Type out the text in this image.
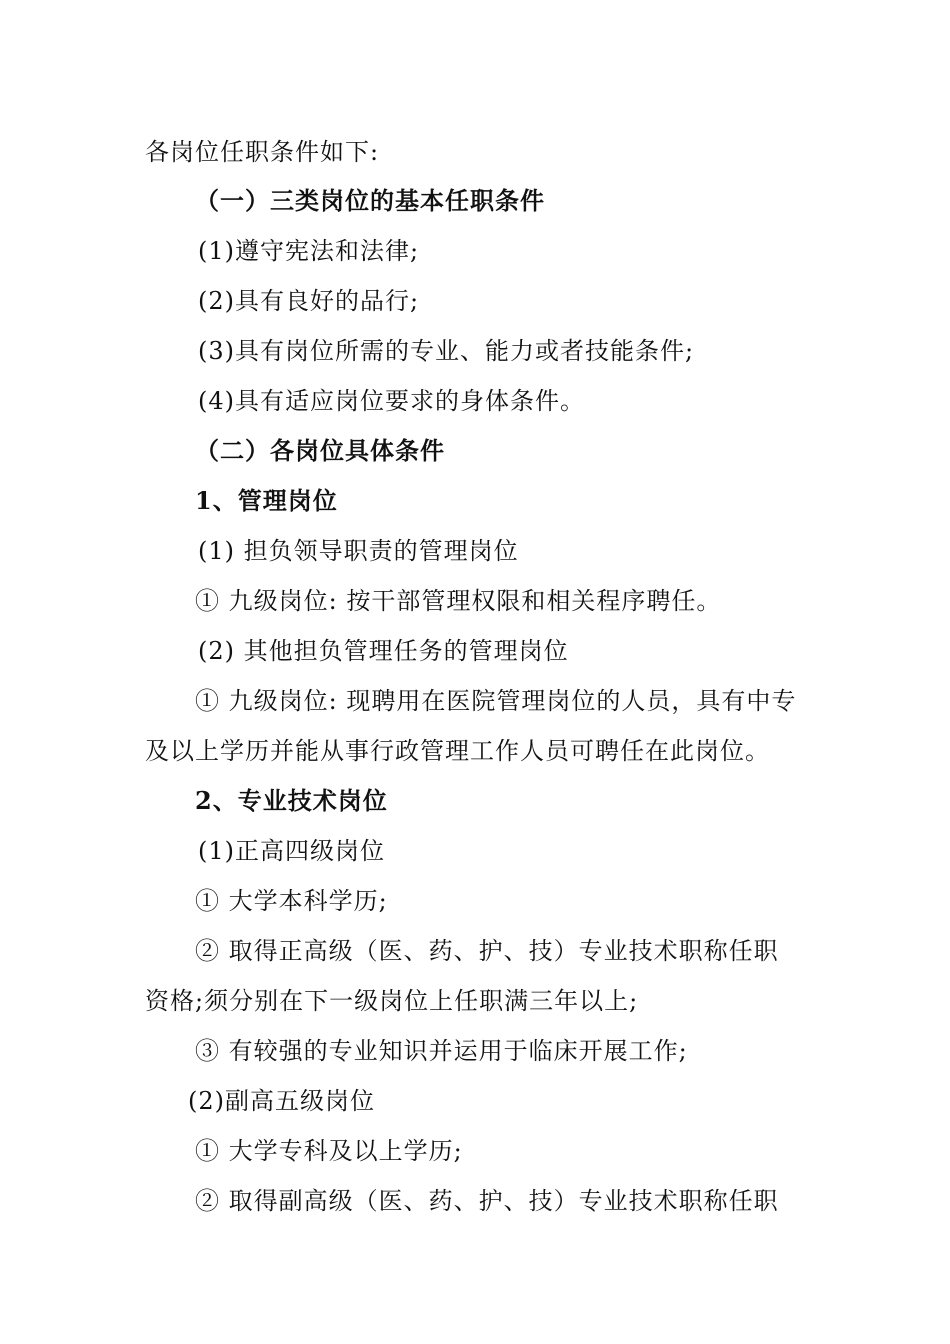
各岗位任职条件如下:
（一）三类岗位的基本任职条件
(1)遵守宪法和法律;
(2)具有良好的品行;
(3)具有岗位所需的专业、能力或者技能条件;
(4)具有适应岗位要求的身体条件。
（二）各岗位具体条件
1、管理岗位
(1) 担负领导职责的管理岗位
① 九级岗位: 按干部管理权限和相关程序聘任。
(2) 其他担负管理任务的管理岗位
① 九级岗位: 现聘用在医院管理岗位的人员，具有中专
及以上学历并能从事行政管理工作人员可聘任在此岗位。
2、专业技术岗位
(1)正高四级岗位
① 大学本科学历;
② 取得正高级（医、药、护、技）专业技术职称任职
资格;须分别在下一级岗位上任职满三年以上;
③ 有较强的专业知识并运用于临床开展工作;
(2)副高五级岗位
① 大学专科及以上学历;
② 取得副高级（医、药、护、技）专业技术职称任职
